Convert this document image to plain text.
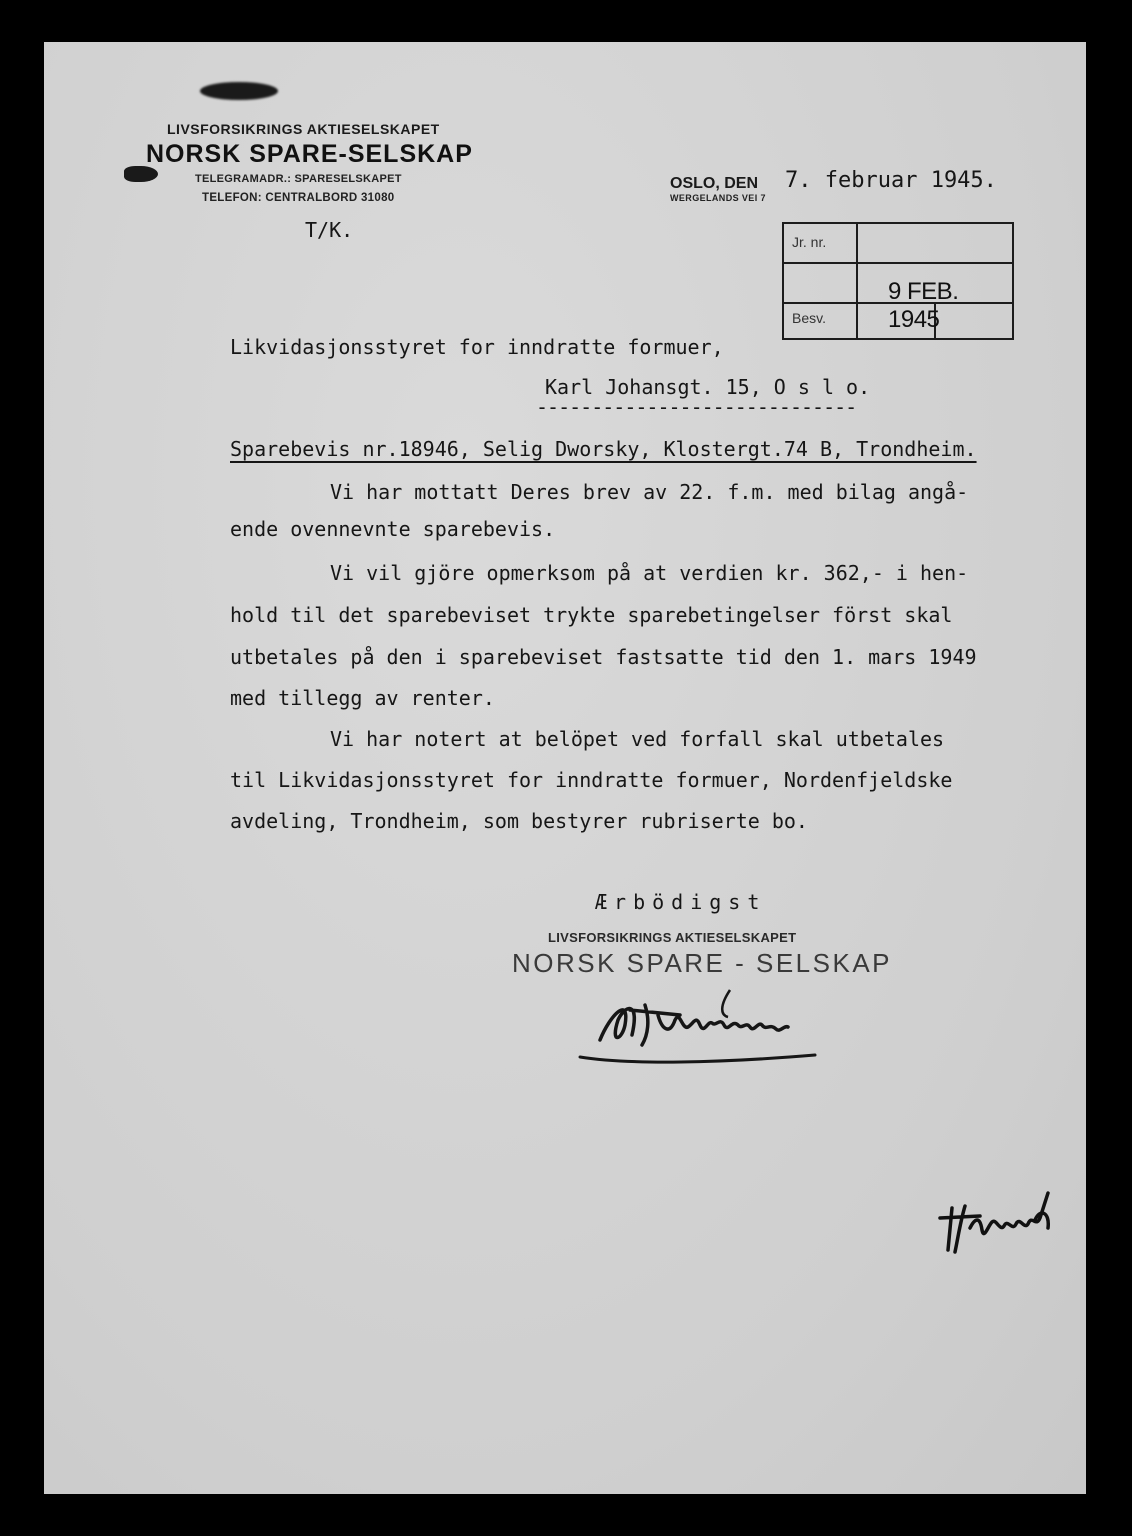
LIVSFORSIKRINGS AKTIESELSKAPET
NORSK SPARE-SELSKAP
TELEGRAMADR.: SPARESELSKAPET
TELEFON: CENTRALBORD 31080
OSLO, DEN 7. februar 1945.
WERGELANDS VEI 7
T/K.	Jr. nr.
9 FEB. 1945
Besv.
Likvidasjonsstyret for inndratte formuer,
Karl Johansgt. 15, O s l o.
-----------------------------
Sparebevis nr.18946, Selig Dworsky, Klostergt.74 B, Trondheim.
Vi har mottatt Deres brev av 22. f.m. med bilag angå-
ende ovennevnte sparebevis.
Vi vil gjöre opmerksom på at verdien kr. 362,- i hen-
hold til det sparebeviset trykte sparebetingelser först skal
utbetales på den i sparebeviset fastsatte tid den 1. mars 1949
med tillegg av renter.
Vi har notert at belöpet ved forfall skal utbetales
til Likvidasjonsstyret for inndratte formuer, Nordenfjeldske
avdeling, Trondheim, som bestyrer rubriserte bo.
Ærbödigst
LIVSFORSIKRINGS AKTIESELSKAPET
NORSK SPARE - SELSKAP
